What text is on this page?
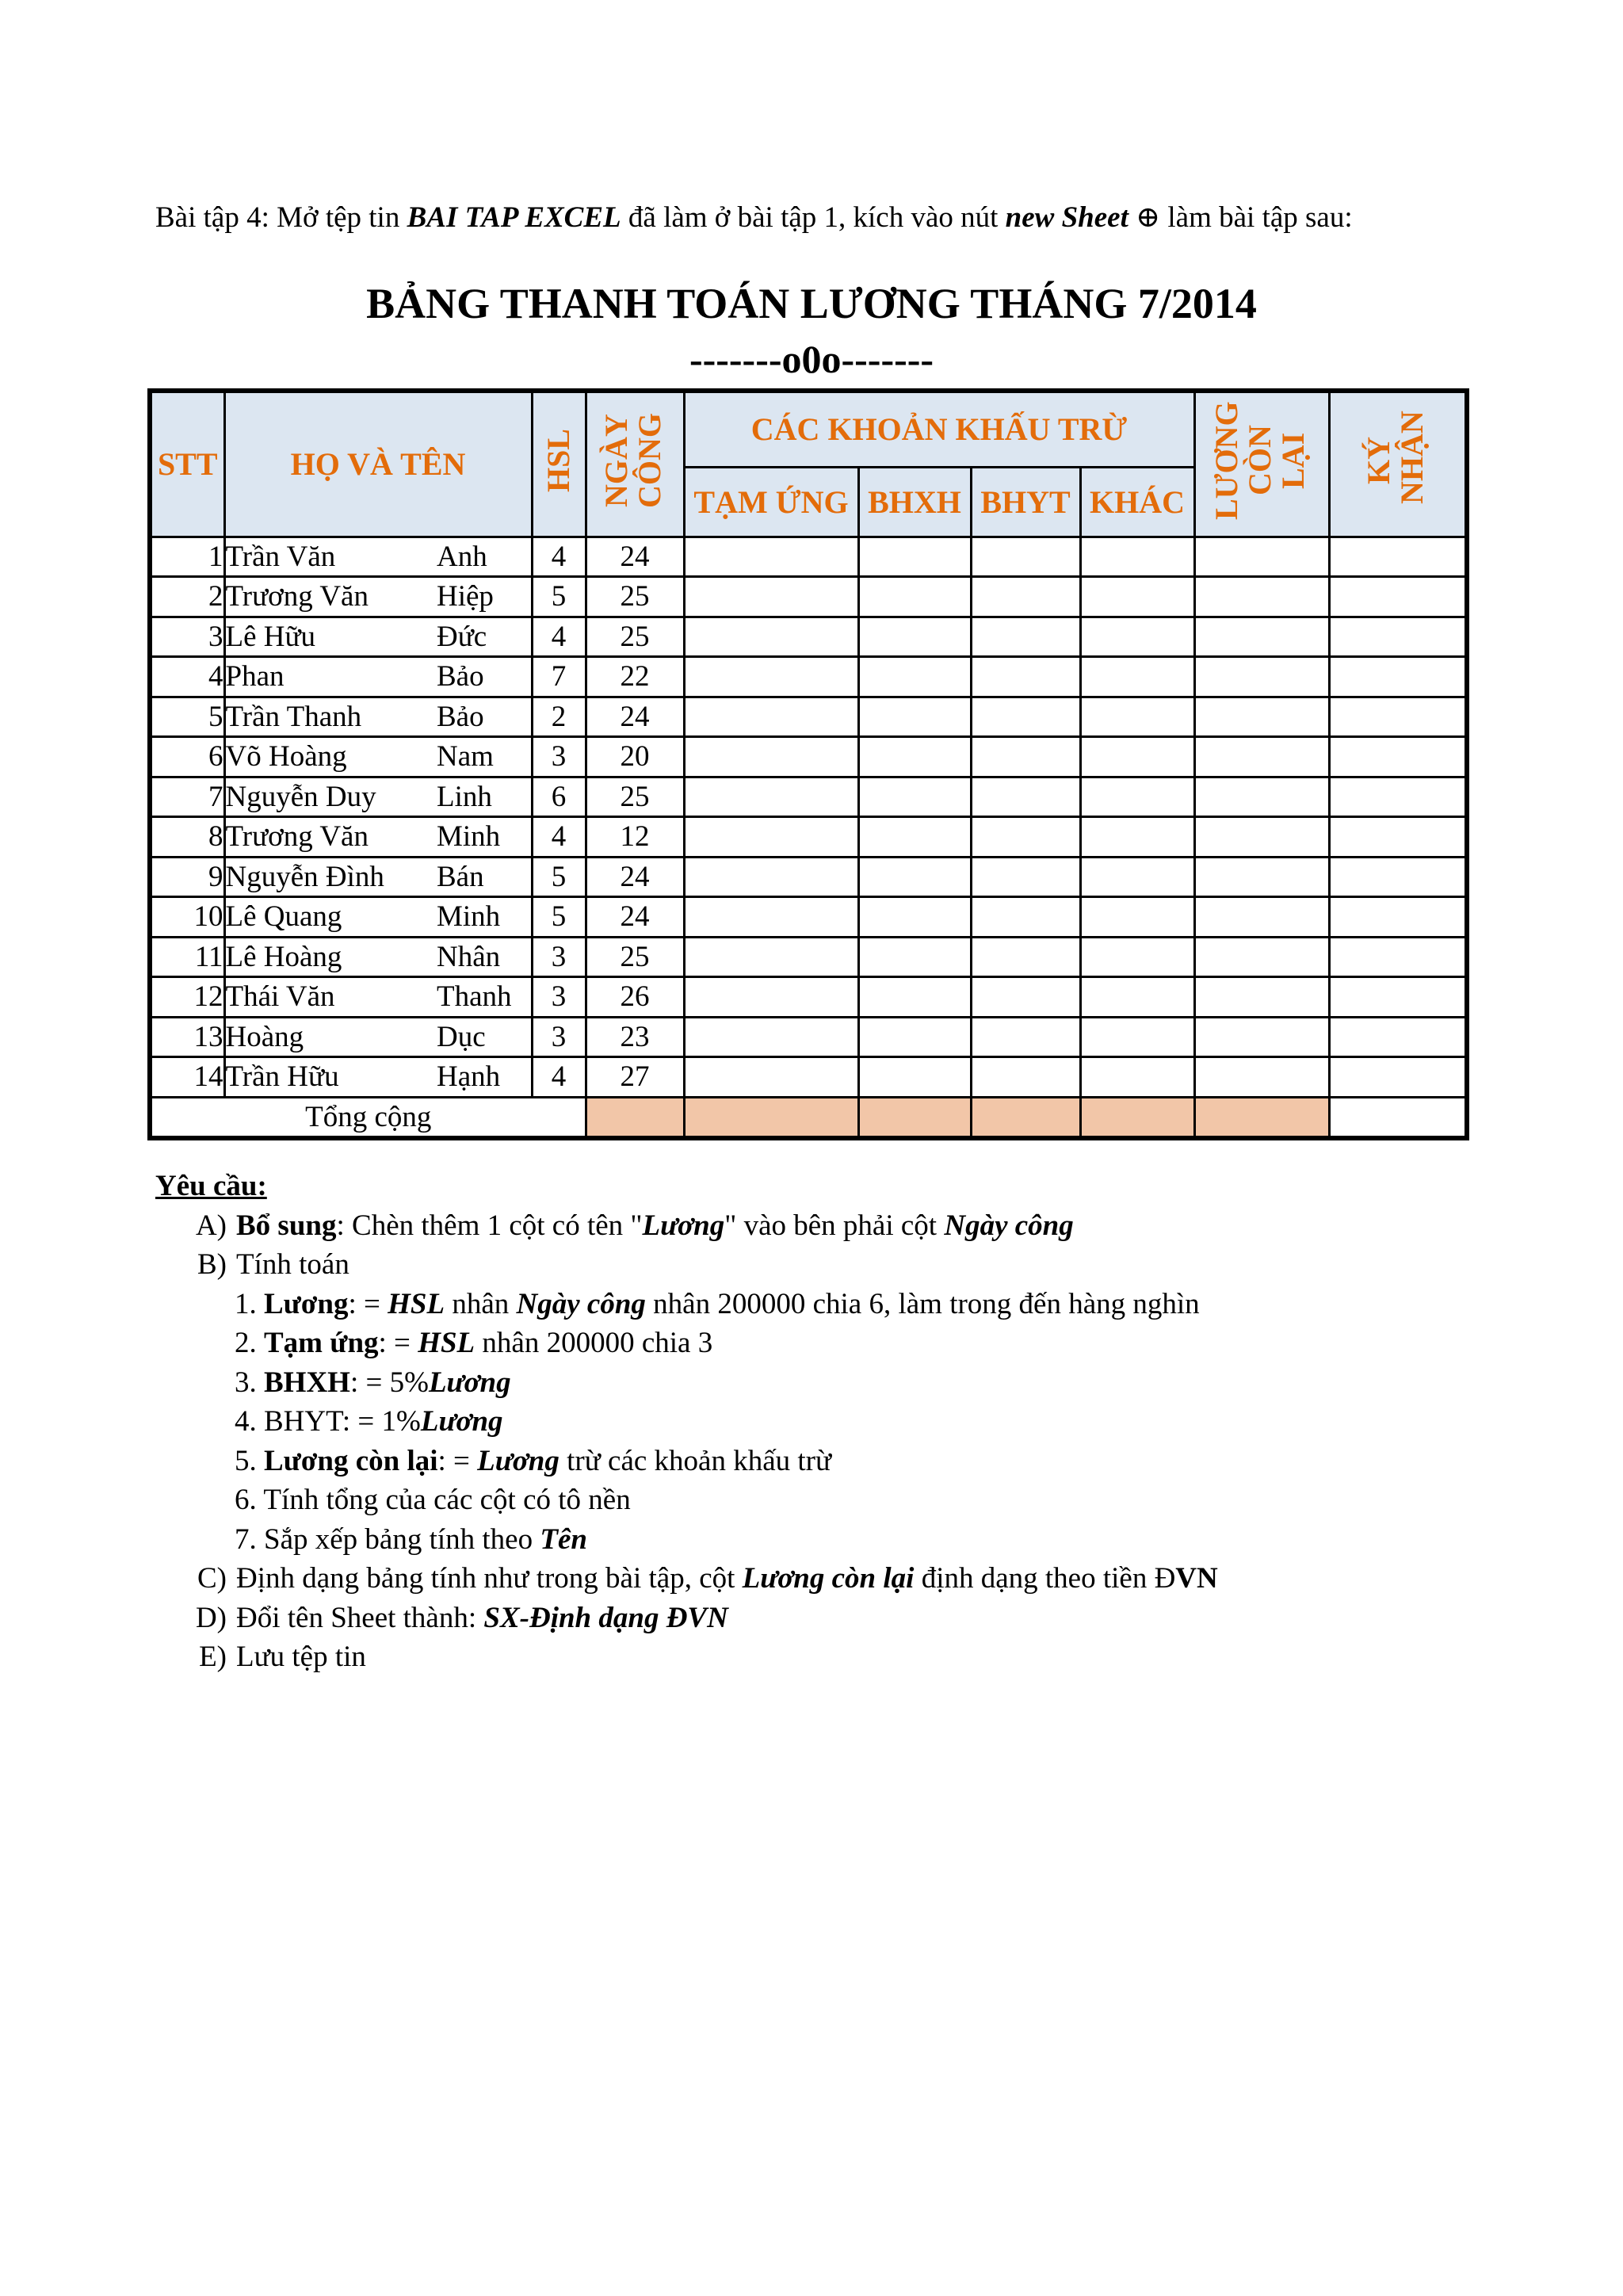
Bài tập 4: Mở tệp tin BAI TAP EXCEL đã làm ở bài tập 1, kích vào nút new Sheet ⊕ làm bài tập sau:
BẢNG THANH TOÁN LƯƠNG THÁNG 7/2014
-------o0o-------
STT	HỌ VÀ TÊN		HSL	NGÀY CÔNG	CÁC KHOẢN KHẤU TRỪ				LƯƠNG CÒN LẠI	KÝ NHẬN
					TẠM ỨNG	BHXH	BHYT	KHÁC		
1	Trần Văn	Anh	4	24						
2	Trương Văn	Hiệp	5	25						
3	Lê Hữu	Đức	4	25						
4	Phan	Bảo	7	22						
5	Trần Thanh	Bảo	2	24						
6	Võ Hoàng	Nam	3	20						
7	Nguyễn Duy	Linh	6	25						
8	Trương Văn	Minh	4	12						
9	Nguyễn Đình	Bán	5	24						
10	Lê Quang	Minh	5	24						
11	Lê Hoàng	Nhân	3	25						
12	Thái Văn	Thanh	3	26						
13	Hoàng	Dục	3	23						
14	Trần Hữu	Hạnh	4	27						
Tổng cộng										
Yêu cầu:
A) Bổ sung: Chèn thêm 1 cột có tên "Lương" vào bên phải cột Ngày công
B) Tính toán
1. Lương: = HSL nhân Ngày công nhân 200000 chia 6, làm trong đến hàng nghìn
2. Tạm ứng: = HSL nhân 200000 chia 3
3. BHXH: = 5%Lương
4. BHYT: = 1%Lương
5. Lương còn lại: = Lương trừ các khoản khấu trừ
6. Tính tổng của các cột có tô nền
7. Sắp xếp bảng tính theo Tên
C) Định dạng bảng tính như trong bài tập, cột Lương còn lại định dạng theo tiền ĐVN
D) Đổi tên Sheet thành: SX-Định dạng ĐVN
E) Lưu tệp tin
